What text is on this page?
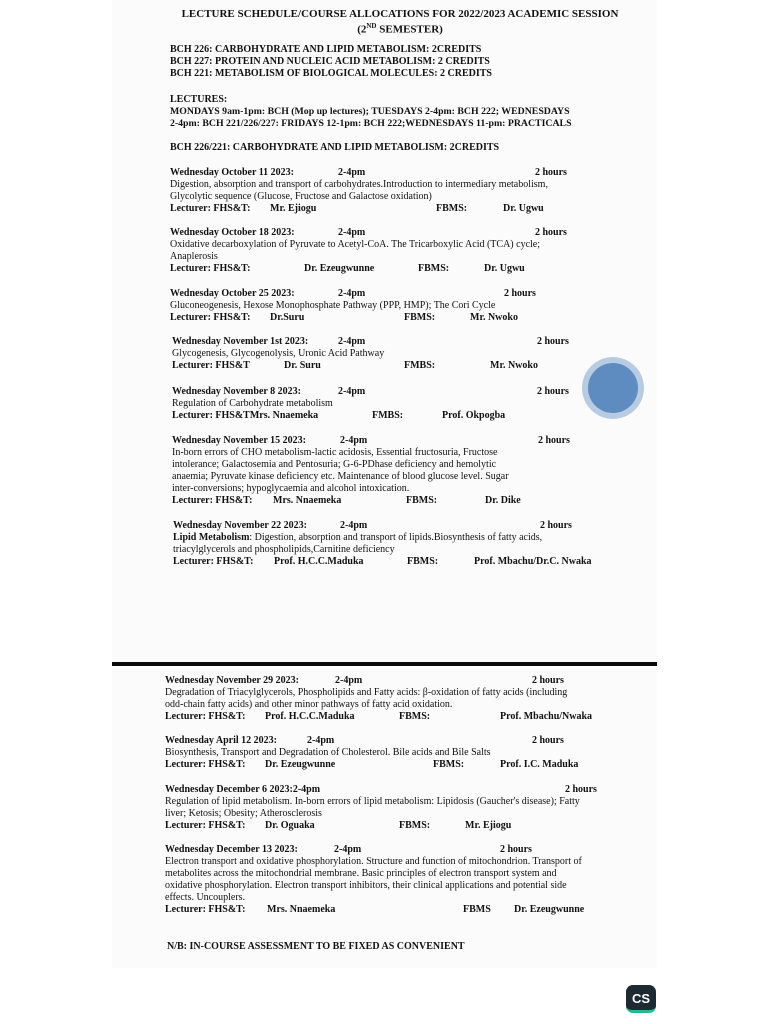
LECTURE SCHEDULE/COURSE ALLOCATIONS FOR 2022/2023 ACADEMIC SESSION
(2ND SEMESTER)
BCH 226: CARBOHYDRATE AND LIPID METABOLISM: 2CREDITS
BCH 227: PROTEIN AND NUCLEIC ACID METABOLISM: 2 CREDITS
BCH 221: METABOLISM OF BIOLOGICAL MOLECULES: 2 CREDITS
LECTURES:
MONDAYS 9am-1pm: BCH (Mop up lectures); TUESDAYS 2-4pm: BCH 222; WEDNESDAYS
2-4pm: BCH 221/226/227: FRIDAYS 12-1pm: BCH 222;WEDNESDAYS 11-pm: PRACTICALS
BCH 226/221: CARBOHYDRATE AND LIPID METABOLISM: 2CREDITS
Wednesday October 11 2023:	2-4pm	2 hours
Digestion, absorption and transport of carbohydrates.Introduction to intermediary metabolism,
Glycolytic sequence (Glucose, Fructose and Galactose oxidation)
Lecturer: FHS&T: Mr. Ejiogu	FBMS:	Dr. Ugwu
Wednesday October 18 2023:	2-4pm	2 hours
Oxidative decarboxylation of Pyruvate to Acetyl-CoA. The Tricarboxylic Acid (TCA) cycle;
Anaplerosis
Lecturer: FHS&T:	Dr. Ezeugwunne	FBMS:	Dr. Ugwu
Wednesday October 25 2023:	2-4pm	2 hours
Gluconeogenesis, Hexose Monophosphate Pathway (PPP, HMP); The Cori Cycle
Lecturer: FHS&T: Dr.Suru	FBMS:	Mr. Nwoko
Wednesday November 1st 2023:	2-4pm	2 hours
Glycogenesis, Glycogenolysis, Uronic Acid Pathway
Lecturer: FHS&T	Dr. Suru	FMBS:	Mr. Nwoko
Wednesday November 8 2023:	2-4pm	2 hours
Regulation of Carbohydrate metabolism
Lecturer: FHS&TMrs. Nnaemeka	FMBS:	Prof. Okpogba
Wednesday November 15 2023:	2-4pm	2 hours
In-born errors of CHO metabolism-lactic acidosis, Essential fructosuria, Fructose
intolerance; Galactosemia and Pentosuria; G-6-PDhase deficiency and hemolytic
anaemia; Pyruvate kinase deficiency etc. Maintenance of blood glucose level. Sugar
inter-conversions; hypoglycaemia and alcohol intoxication.
Lecturer: FHS&T: Mrs. Nnaemeka	FBMS:	Dr. Dike
Wednesday November 22 2023:	2-4pm	2 hours
Lipid Metabolism: Digestion, absorption and transport of lipids.Biosynthesis of fatty acids,
triacylglycerols and phospholipids,Carnitine deficiency
Lecturer: FHS&T: Prof. H.C.C.Maduka	FBMS:	Prof. Mbachu/Dr.C. Nwaka
Wednesday November 29 2023:	2-4pm	2 hours
Degradation of Triacylglycerols, Phospholipids and Fatty acids: β-oxidation of fatty acids (including
odd-chain fatty acids) and other minor pathways of fatty acid oxidation.
Lecturer: FHS&T: Prof. H.C.C.Maduka	FBMS:	Prof. Mbachu/Nwaka
Wednesday April 12 2023:	2-4pm	2 hours
Biosynthesis, Transport and Degradation of Cholesterol. Bile acids and Bile Salts
Lecturer: FHS&T: Dr. Ezeugwunne	FBMS:	Prof. I.C. Maduka
Wednesday December 6 2023:2-4pm	2 hours
Regulation of lipid metabolism. In-born errors of lipid metabolism: Lipidosis (Gaucher's disease); Fatty
liver; Ketosis; Obesity; Atherosclerosis
Lecturer: FHS&T: Dr. Oguaka	FBMS:	Mr. Ejiogu
Wednesday December 13 2023:	2-4pm	2 hours
Electron transport and oxidative phosphorylation. Structure and function of mitochondrion. Transport of
metabolites across the mitochondrial membrane. Basic principles of electron transport system and
oxidative phosphorylation. Electron transport inhibitors, their clinical applications and potential side
effects. Uncouplers.
Lecturer: FHS&T: Mrs. Nnaemeka	FBMS Dr. Ezeugwunne
N/B: IN-COURSE ASSESSMENT TO BE FIXED AS CONVENIENT
CS
